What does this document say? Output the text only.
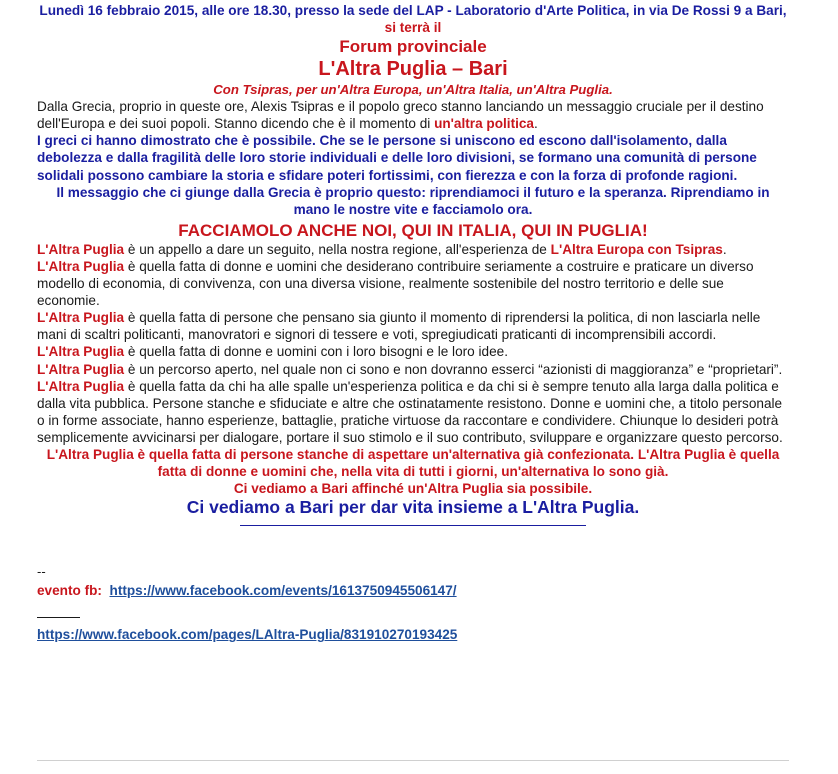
Lunedì 16 febbraio 2015, alle ore 18.30, presso la sede del LAP - Laboratorio d'Arte Politica, in via De Rossi 9 a Bari,

si terrà il

Forum provinciale

L'Altra Puglia – Bari

Con Tsipras, per un'Altra Europa, un'Altra Italia, un'Altra Puglia.

Dalla Grecia, proprio in queste ore, Alexis Tsipras e il popolo greco stanno lanciando un messaggio cruciale per il destino dell'Europa e dei suoi popoli. Stanno dicendo che è il momento di un'altra politica.

I greci ci hanno dimostrato che è possibile. Che se le persone si uniscono ed escono dall'isolamento, dalla debolezza e dalla fragilità delle loro storie individuali e delle loro divisioni, se formano una comunità di persone solidali possono cambiare la storia e sfidare poteri fortissimi, con fierezza e con la forza di profonde ragioni.

Il messaggio che ci giunge dalla Grecia è proprio questo: riprendiamoci il futuro e la speranza. Riprendiamo in mano le nostre vite e facciamolo ora.

FACCIAMOLO ANCHE NOI, QUI IN ITALIA, QUI IN PUGLIA!

L'Altra Puglia è un appello a dare un seguito, nella nostra regione, all'esperienza de L'Altra Europa con Tsipras.

L'Altra Puglia è quella fatta di donne e uomini che desiderano contribuire seriamente a costruire e praticare un diverso modello di economia, di convivenza, con una diversa visione, realmente sostenibile del nostro territorio e delle sue economie.

L'Altra Puglia è quella fatta di persone che pensano sia giunto il momento di riprendersi la politica, di non lasciarla nelle mani di scaltri politicanti, manovratori e signori di tessere e voti, spregiudicati praticanti di incomprensibili accordi.

L'Altra Puglia è quella fatta di donne e uomini con i loro bisogni e le loro idee.

L'Altra Puglia è un percorso aperto, nel quale non ci sono e non dovranno esserci “azionisti di maggioranza” e “proprietari”.

L'Altra Puglia è quella fatta da chi ha alle spalle un'esperienza politica e da chi si è sempre tenuto alla larga dalla politica e dalla vita pubblica. Persone stanche e sfiduciate e altre che ostinatamente resistono. Donne e uomini che, a titolo personale o in forme associate, hanno esperienze, battaglie, pratiche virtuose da raccontare e condividere. Chiunque lo desideri potrà semplicemente avvicinarsi per dialogare, portare il suo stimolo e il suo contributo, sviluppare e organizzare questo percorso.

L'Altra Puglia è quella fatta di persone stanche di aspettare un'alternativa già confezionata. L'Altra Puglia è quella fatta di donne e uomini che, nella vita di tutti i giorni, un'alternativa lo sono già.

Ci vediamo a Bari affinché un'Altra Puglia sia possibile.

Ci vediamo a Bari per dar vita insieme a L'Altra Puglia.

--

evento fb: https://www.facebook.com/events/1613750945506147/

https://www.facebook.com/pages/LAltra-Puglia/831910270193425
